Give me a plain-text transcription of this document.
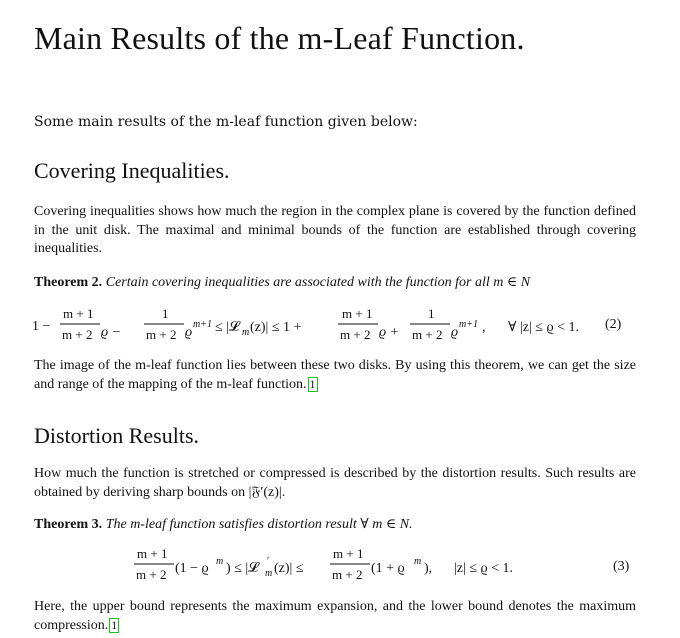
Main Results of the m-Leaf Function.
Some main results of the m-leaf function given below:
Covering Inequalities.
Covering inequalities shows how much the region in the complex plane is covered by the function defined in the unit disk. The maximal and minimal bounds of the function are established through covering inequalities.
Theorem 2. Certain covering inequalities are associated with the function for all m ∈ N
1 −
m + 1
m + 2 ϱ −
1
m + 2 ϱ
m+1 ≤ |𝓛 m (z)| ≤ 1 +
m + 1
m + 2 ϱ +
1
m + 2 ϱ
m+1 , ∀ |z| ≤ ϱ < 1. (2)
The image of the m-leaf function lies between these two disks. By using this theorem, we can get the size and range of the mapping of the m-leaf function. 1
Distortion Results.
How much the function is stretched or compressed is described by the distortion results. Such results are obtained by deriving sharp bounds on |𝔉′(z)|.
Theorem 3. The m-leaf function satisfies distortion result ∀ m ∈ N.
m + 1
m + 2 (1 − ϱ m ) ≤ |𝓛 ′
m (z)| ≤
m + 1
m + 2 (1 + ϱ m ), |z| ≤ ϱ < 1.	(3)
Here, the upper bound represents the maximum expansion, and the lower bound denotes the maximum compression. 1
